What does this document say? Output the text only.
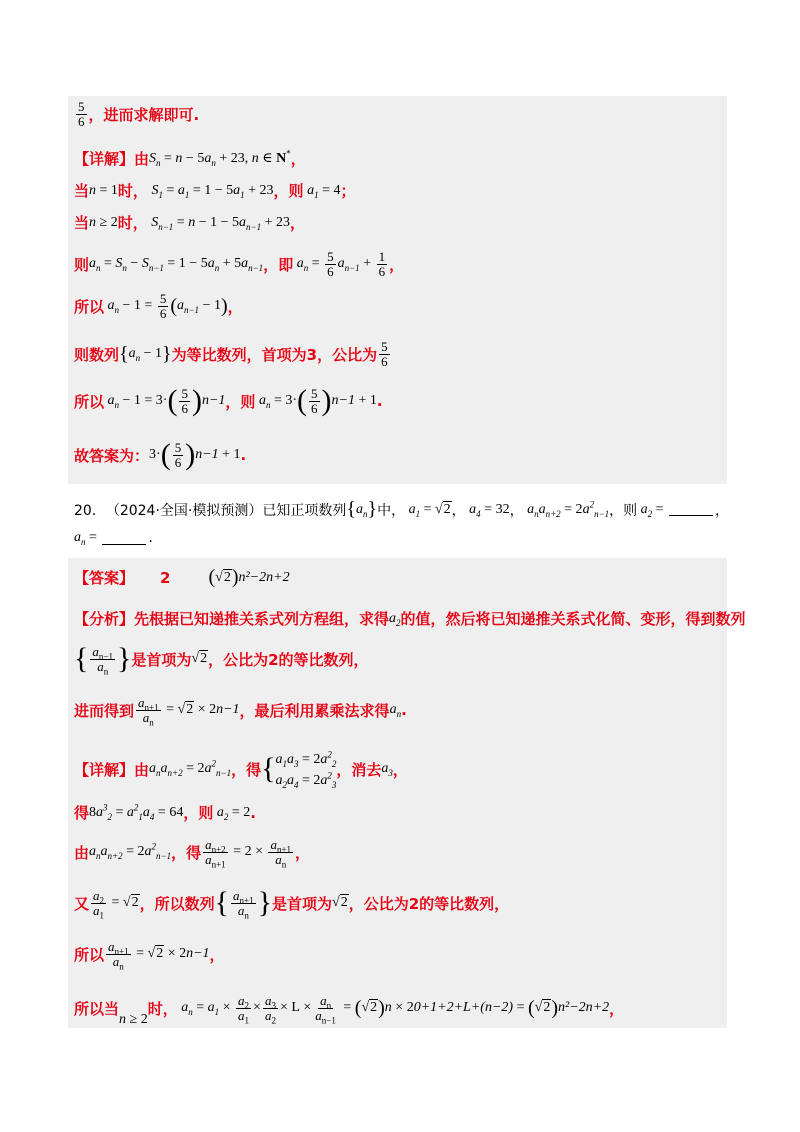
$\frac{5}{6}$ ，进而求解即可.
【详解】由 $S_n = n - 5$ $a_n + 23$, n ∈ N* ，
当 n = 1 时， $S_1 = a_1 = 1 - 5$ $a_1 + 23$ ，则 $a_1 = 4$ ；
当 n ≥ 2 时， $S_{n-1} = n - 1 - 5$ $a_{n-1} + 23$ ，
则 $a_n = S_n - S_{n-1} = 1 - 5$ $a_n + 5$ $a_{n-1}$ ，即 $a_n = \frac{5}{6} a_{n-1} + \frac{1}{6}$ ，
所以 $a_n - 1 = \frac{5}{6}$ ( $a_{n-1} - 1$ ) ，
则数列 { $a_n - 1$ } 为等比数列，首项为3，公比为 $\frac{5}{6}$
所以 $a_n - 1 = 3\cdot$ ( $\frac{5}{6}$ ) n−1 ，则 $a_n = 3\cdot$ ( $\frac{5}{6}$ ) n−1 + 1 .
故答案为： 3· ( $\frac{5}{6}$ ) n−1 + 1 .
20． （2024·全国·模拟预测） 已知正项数列 { $a_n$ } 中， $a_1 = √2$ ， $a_4 = 32$ ， $a_na_{n+2} = 2$ $a^2_{n-1}$ ，则 $a_2$ =	，
$a_n$ =	.
【答案】 2 ( √2 ) n²−2n+2
【分析】先根据已知递推关系式列方程组，求得 $a_2$ 的值，然后将已知递推关系式化简、变形，得到数列
{ $\frac{a_{n-1}}{a_n}$ } 是首项为 √2 ，公比为2的等比数列，
进而得到 $\frac{a_{n+1}}{a_n} = √2 \times 2$ n−1 ，最后利用累乘法求得 $a_n$ .
【详解】由 $a_na_{n+2} = 2$ $a^2_{n-1}$ ，得 { $a_1a_3 = 2a^2_2$
$a_2a_4 = 2a^2_3$
，消去 $a_3$ ，
得 8 $a^3_2 = a^2_1a_4 = 64$ ，则 $a_2 = 2$ .
由 $a_na_{n+2} = 2$ $a^2_{n-1}$ ，得 $\frac{a_{n+2}}{a_{n+1}} = 2 \times \frac{a_{n+1}}{a_n}$ ，
又 $\frac{a_2}{a_1} = √2$ ，所以数列 { $\frac{a_{n+1}}{a_n}$ } 是首项为 √2 ，公比为2的等比数列，
所以 $\frac{a_{n+1}}{a_n} = √2 \times 2$ n−1 ，
所以当
n ≥ 2
时， $a_n = a_1 \times \frac{a_2}{a_1} \times \frac{a_3}{a_2} \times L \times \frac{a_n}{a_{n-1}}$ = ( √2 ) n × 2 0+1+2+L+(n−2) = ( √2 ) n²−2n+2 ，
